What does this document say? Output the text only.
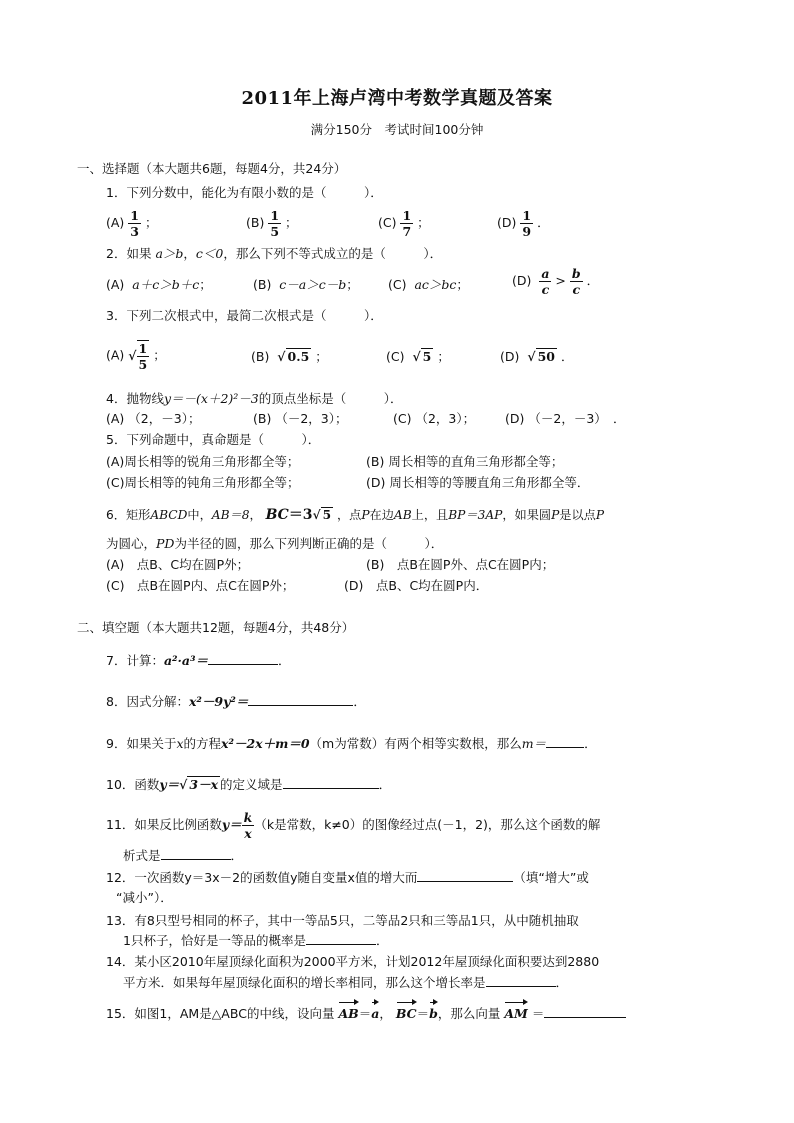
2011年上海卢湾中考数学真题及答案
满分150分　考试时间100分钟
一、选择题（本大题共6题，每题4分，共24分）
1．下列分数中，能化为有限小数的是（　　　）．
$(A) \frac{1}{3}$ ；	$(B) \frac{1}{5}$ ；	$(C) \frac{1}{7}$ ；	$(D) \frac{1}{9}$ ．
2．如果 a＞b，c＜0，那么下列不等式成立的是（　　　）．
(A) a＋c＞b＋c；	(B) c－a＞c－b； (C) ac＞bc；	$(D) \frac{a}{c} > \frac{b}{c}$ ．
3．下列二次根式中，最简二次根式是（　　　）．
(A) √ $\frac{1}{5}$ ；	(B) √ 0.5 ；	(C) √ 5 ；	(D) √ 50 ．
4．抛物线y＝－(x＋2)²－3的顶点坐标是（　　　）．
(A) （2，－3）；	(B) （－2，3）；	(C) （2，3）； (D) （－2，－3）　．
5．下列命题中，真命题是（　　　）．
(A)周长相等的锐角三角形都全等；	(B) 周长相等的直角三角形都全等；
(C)周长相等的钝角三角形都全等；	(D) 周长相等的等腰直角三角形都全等．
6．矩形ABCD中，AB＝8， BC＝3√ 5 ，点P在边AB上，且BP＝3AP，如果圆P是以点P
为圆心，PD为半径的圆，那么下列判断正确的是（　　　）．
(A)　点B、C均在圆P外；	(B)　点B在圆P外、点C在圆P内；
(C)　点B在圆P内、点C在圆P外；	(D)　点B、C均在圆P内．
二、填空题（本大题共12题，每题4分，共48分）
7．计算：a²·a³＝	．
8．因式分解：x²－9y²＝	．
9．如果关于x的方程x²－2x＋m＝0（m为常数）有两个相等实数根，那么m＝	．
10．函数y＝√ 3－x 的定义域是	．
11．如果反比例函数$y= \frac{k}{x} (k$是常数，k≠0）的图像经过点(－1，2)，那么这个函数的解
析式是	．
12．一次函数y＝3x－2的函数值y随自变量x值的增大而	（填“增大”或
“减小”）．
13．有8只型号相同的杯子，其中一等品5只，二等品2只和三等品1只，从中随机抽取
1只杯子，恰好是一等品的概率是	．
14．某小区2010年屋顶绿化面积为2000平方米，计划2012年屋顶绿化面积要达到2880
平方米．如果每年屋顶绿化面积的增长率相同，那么这个增长率是	．
15．如图1，AM是△ABC的中线，设向量 AB＝a， BC＝b，那么向量 AM ＝
